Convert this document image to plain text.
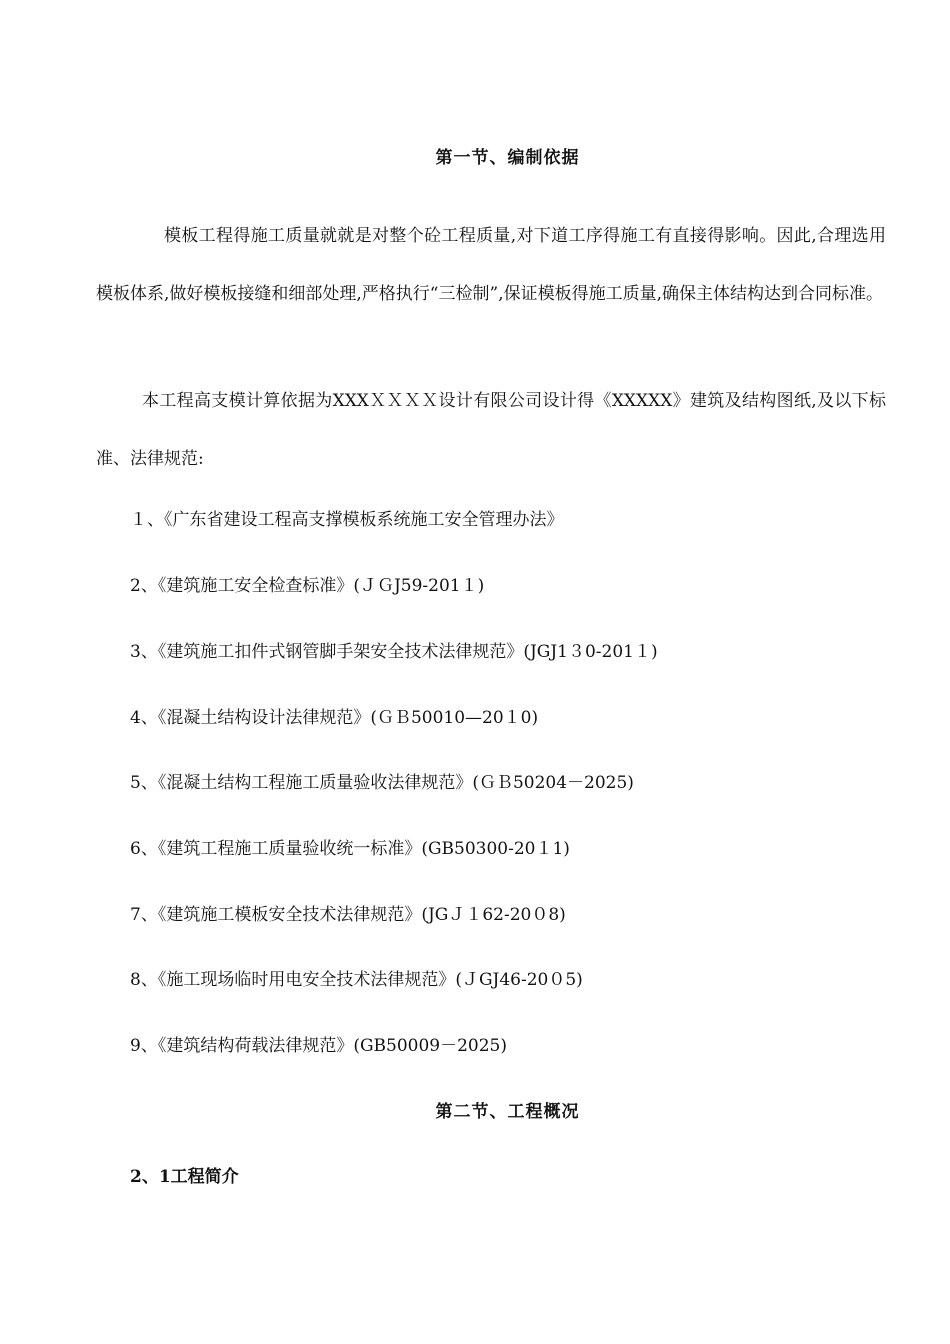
第一节、编制依据
模板工程得施工质量就就是对整个砼工程质量,对下道工序得施工有直接得影响。因此,合理选用模板体系,做好模板接缝和细部处理,严格执行“三检制”,保证模板得施工质量,确保主体结构达到合同标准。
本工程高支模计算依据为XXXＸＸＸＸ设计有限公司设计得《XXXXX》建筑及结构图纸,及以下标准、法律规范:
１、《广东省建设工程高支撑模板系统施工安全管理办法》
2、《建筑施工安全检查标准》(ＪＧJ59-201１)
3、《建筑施工扣件式钢管脚手架安全技术法律规范》(JGJ1３0-201１)
4、《混凝土结构设计法律规范》(ＧＢ50010—20１0)
5、《混凝土结构工程施工质量验收法律规范》(ＧＢ50204－2025)
6、《建筑工程施工质量验收统一标准》(GB50300-20１1)
7、《建筑施工模板安全技术法律规范》(JGＪ１62-20０8)
8、《施工现场临时用电安全技术法律规范》(ＪGJ46-20０5)
9、《建筑结构荷载法律规范》(GB50009－2025)
第二节、工程概况
2、1工程简介
